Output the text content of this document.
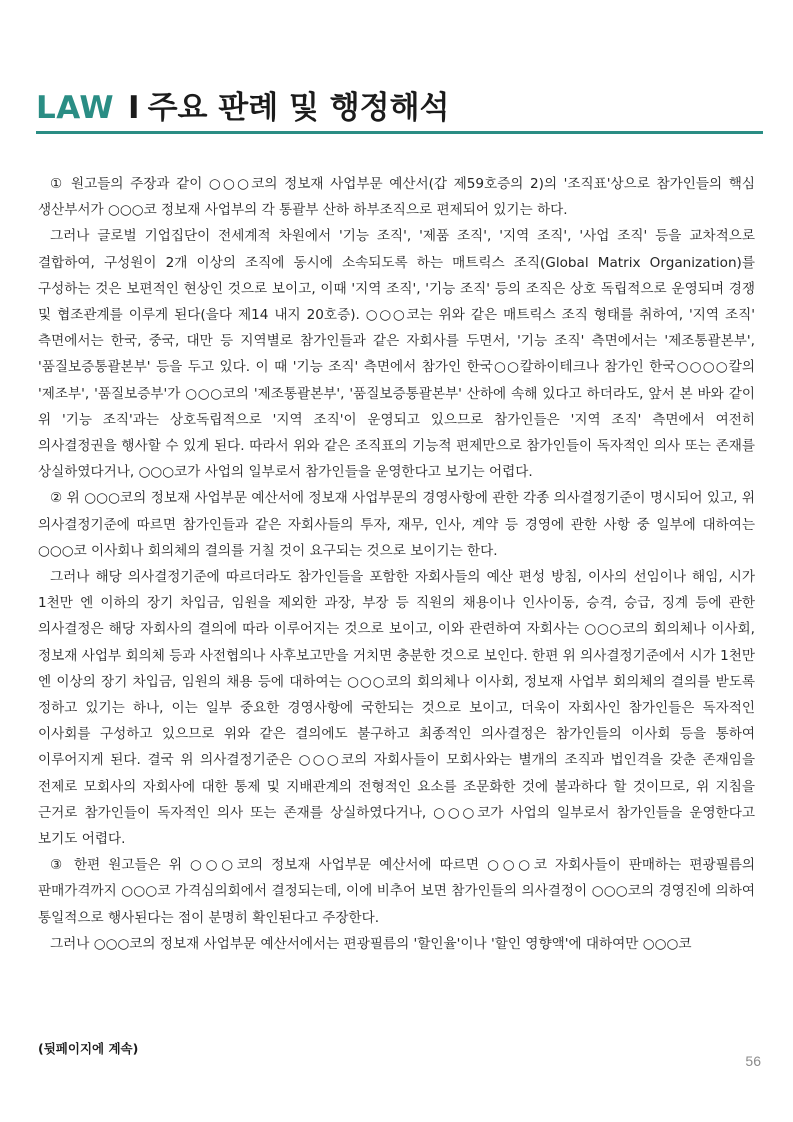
LAW I 주요 판례 및 행정해석

① 원고들의 주장과 같이 ○○○코의 정보재 사업부문 예산서(갑 제59호증의 2)의 '조직표'상으로 참가인들의 핵심 생산부서가 ○○○코 정보재 사업부의 각 통괄부 산하 하부조직으로 편제되어 있기는 하다.

그러나 글로벌 기업집단이 전세계적 차원에서 '기능 조직', '제품 조직', '지역 조직', '사업 조직' 등을 교차적으로 결합하여, 구성원이 2개 이상의 조직에 동시에 소속되도록 하는 매트릭스 조직(Global Matrix Organization)를 구성하는 것은 보편적인 현상인 것으로 보이고, 이때 '지역 조직', '기능 조직' 등의 조직은 상호 독립적으로 운영되며 경쟁 및 협조관계를 이루게 된다(을다 제14 내지 20호증). ○○○코는 위와 같은 매트릭스 조직 형태를 취하여, '지역 조직' 측면에서는 한국, 중국, 대만 등 지역별로 참가인들과 같은 자회사를 두면서, '기능 조직' 측면에서는 '제조통괄본부', '품질보증통괄본부' 등을 두고 있다. 이 때 '기능 조직' 측면에서 참가인 한국○○칼하이테크나 참가인 한국○○○○칼의 '제조부', '품질보증부'가 ○○○코의 '제조통괄본부', '품질보증통괄본부' 산하에 속해 있다고 하더라도, 앞서 본 바와 같이 위 '기능 조직'과는 상호독립적으로 '지역 조직'이 운영되고 있으므로 참가인들은 '지역 조직' 측면에서 여전히 의사결정권을 행사할 수 있게 된다. 따라서 위와 같은 조직표의 기능적 편제만으로 참가인들이 독자적인 의사 또는 존재를 상실하였다거나, ○○○코가 사업의 일부로서 참가인들을 운영한다고 보기는 어렵다.

② 위 ○○○코의 정보재 사업부문 예산서에 정보재 사업부문의 경영사항에 관한 각종 의사결정기준이 명시되어 있고, 위 의사결정기준에 따르면 참가인들과 같은 자회사들의 투자, 재무, 인사, 계약 등 경영에 관한 사항 중 일부에 대하여는 ○○○코 이사회나 회의체의 결의를 거칠 것이 요구되는 것으로 보이기는 한다.

그러나 해당 의사결정기준에 따르더라도 참가인들을 포함한 자회사들의 예산 편성 방침, 이사의 선임이나 해임, 시가 1천만 엔 이하의 장기 차입금, 임원을 제외한 과장, 부장 등 직원의 채용이나 인사이동, 승격, 승급, 징계 등에 관한 의사결정은 해당 자회사의 결의에 따라 이루어지는 것으로 보이고, 이와 관련하여 자회사는 ○○○코의 회의체나 이사회, 정보재 사업부 회의체 등과 사전협의나 사후보고만을 거치면 충분한 것으로 보인다. 한편 위 의사결정기준에서 시가 1천만 엔 이상의 장기 차입금, 임원의 채용 등에 대하여는 ○○○코의 회의체나 이사회, 정보재 사업부 회의체의 결의를 받도록 정하고 있기는 하나, 이는 일부 중요한 경영사항에 국한되는 것으로 보이고, 더욱이 자회사인 참가인들은 독자적인 이사회를 구성하고 있으므로 위와 같은 결의에도 불구하고 최종적인 의사결정은 참가인들의 이사회 등을 통하여 이루어지게 된다. 결국 위 의사결정기준은 ○○○코의 자회사들이 모회사와는 별개의 조직과 법인격을 갖춘 존재임을 전제로 모회사의 자회사에 대한 통제 및 지배관계의 전형적인 요소를 조문화한 것에 불과하다 할 것이므로, 위 지침을 근거로 참가인들이 독자적인 의사 또는 존재를 상실하였다거나, ○○○코가 사업의 일부로서 참가인들을 운영한다고 보기도 어렵다.

③ 한편 원고들은 위 ○○○코의 정보재 사업부문 예산서에 따르면 ○○○코 자회사들이 판매하는 편광필름의 판매가격까지 ○○○코 가격심의회에서 결정되는데, 이에 비추어 보면 참가인들의 의사결정이 ○○○코의 경영진에 의하여 통일적으로 행사된다는 점이 분명히 확인된다고 주장한다.

그러나 ○○○코의 정보재 사업부문 예산서에서는 편광필름의 '할인율'이나 '할인 영향액'에 대하여만 ○○○코

(뒷페이지에 계속)
56
